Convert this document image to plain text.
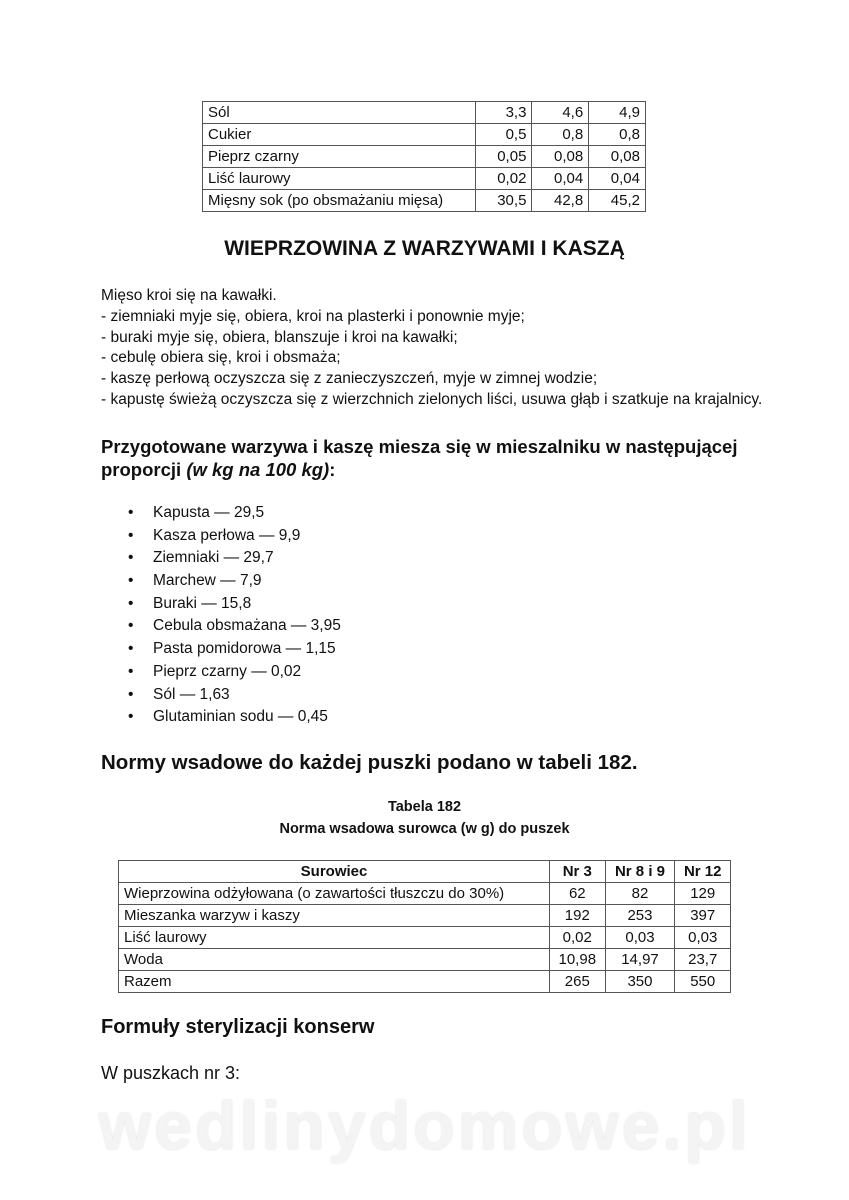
Sól	3,3	4,6	4,9
Cukier	0,5	0,8	0,8
Pieprz czarny	0,05	0,08	0,08
Liść laurowy	0,02	0,04	0,04
Mięsny sok (po obsmażaniu mięsa)	30,5	42,8	45,2
WIEPRZOWINA Z WARZYWAMI I KASZĄ
Mięso kroi się na kawałki.
- ziemniaki myje się, obiera, kroi na plasterki i ponownie myje;
- buraki myje się, obiera, blanszuje i kroi na kawałki;
- cebulę obiera się, kroi i obsmaża;
- kaszę perłową oczyszcza się z zanieczyszczeń, myje w zimnej wodzie;
- kapustę świeżą oczyszcza się z wierzchnich zielonych liści, usuwa głąb i szatkuje na krajalnicy.
Przygotowane warzywa i kaszę miesza się w mieszalniku w następującej proporcji (w kg na 100 kg):
• Kapusta — 29,5
• Kasza perłowa — 9,9
• Ziemniaki — 29,7
• Marchew — 7,9
• Buraki — 15,8
• Cebula obsmażana — 3,95
• Pasta pomidorowa — 1,15
• Pieprz czarny — 0,02
• Sól — 1,63
• Glutaminian sodu — 0,45
Normy wsadowe do każdej puszki podano w tabeli 182.
Tabela 182
Norma wsadowa surowca (w g) do puszek
Surowiec	Nr 3	Nr 8 i 9	Nr 12
Wieprzowina odżyłowana (o zawartości tłuszczu do 30%)	62	82	129
Mieszanka warzyw i kaszy	192	253	397
Liść laurowy	0,02	0,03	0,03
Woda	10,98	14,97	23,7
Razem	265	350	550
Formuły sterylizacji konserw
W puszkach nr 3:
wedlinydomowe.pl
